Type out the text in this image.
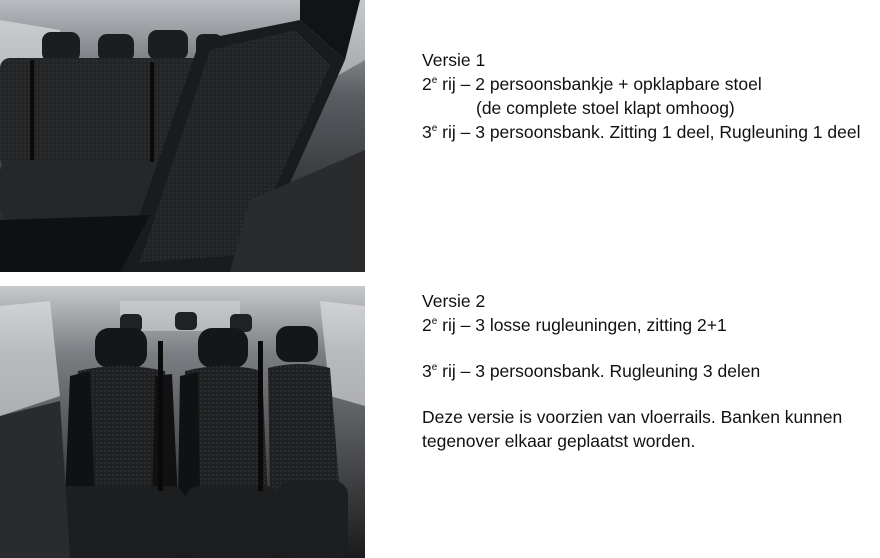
Versie 1
2e rij – 2 persoonsbankje + opklapbare stoel
(de complete stoel klapt omhoog)
3e rij – 3 persoonsbank. Zitting 1 deel, Rugleuning 1 deel
Versie 2
2e rij – 3 losse rugleuningen, zitting 2+1
3e rij – 3 persoonsbank. Rugleuning 3 delen
Deze versie is voorzien van vloerrails. Banken kunnen
tegenover elkaar geplaatst worden.
